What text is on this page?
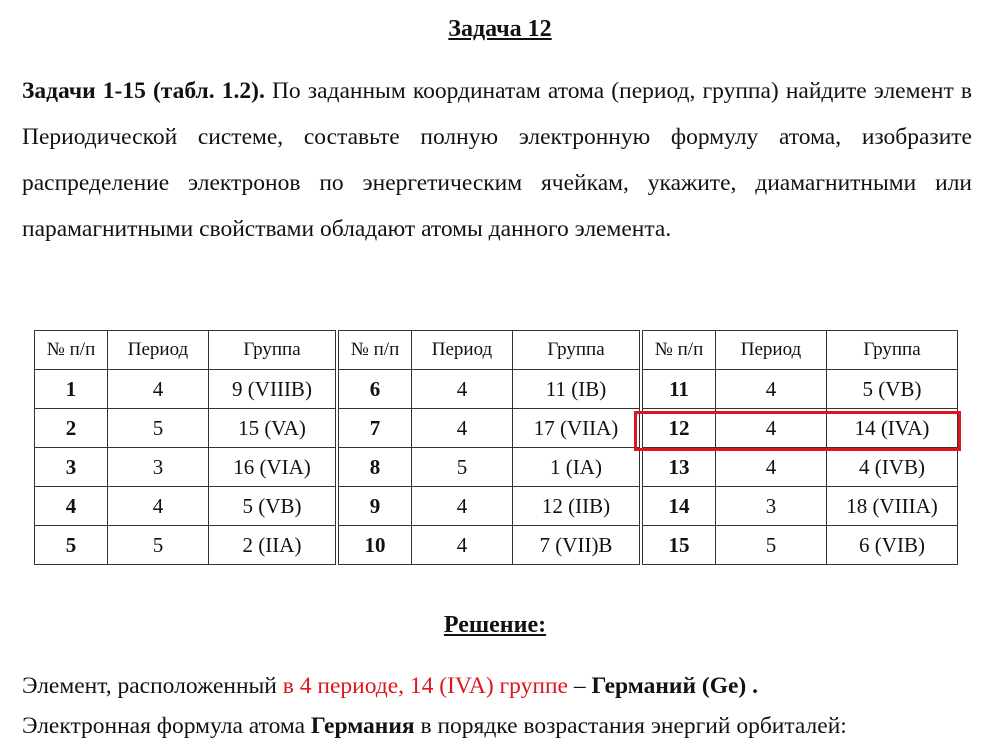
Задача 12
Задачи 1-15 (табл. 1.2). По заданным координатам атома (период, группа) найдите элемент в Периодической системе, составьте полную электронную формулу атома, изобразите распределение электронов по энергетическим ячейкам, укажите, диамагнитными или парамагнитными свойствами обладают атомы данного элемента.
№ п/п	Период	Группа	№ п/п	Период	Группа	№ п/п	Период	Группа
1	4	9 (VIIIB)	6	4	11 (IB)	11	4	5 (VB)
2	5	15 (VA)	7	4	17 (VIIA)	12	4	14 (IVA)
3	3	16 (VIA)	8	5	1 (IA)	13	4	4 (IVB)
4	4	5 (VB)	9	4	12 (IIB)	14	3	18 (VIIIA)
5	5	2 (IIA)	10	4	7 (VII)B	15	5	6 (VIB)
Решение:
Элемент, расположенный в 4 периоде, 14 (IVA) группе – Германий (Ge) .
Электронная формула атома Германия в порядке возрастания энергий орбиталей:
